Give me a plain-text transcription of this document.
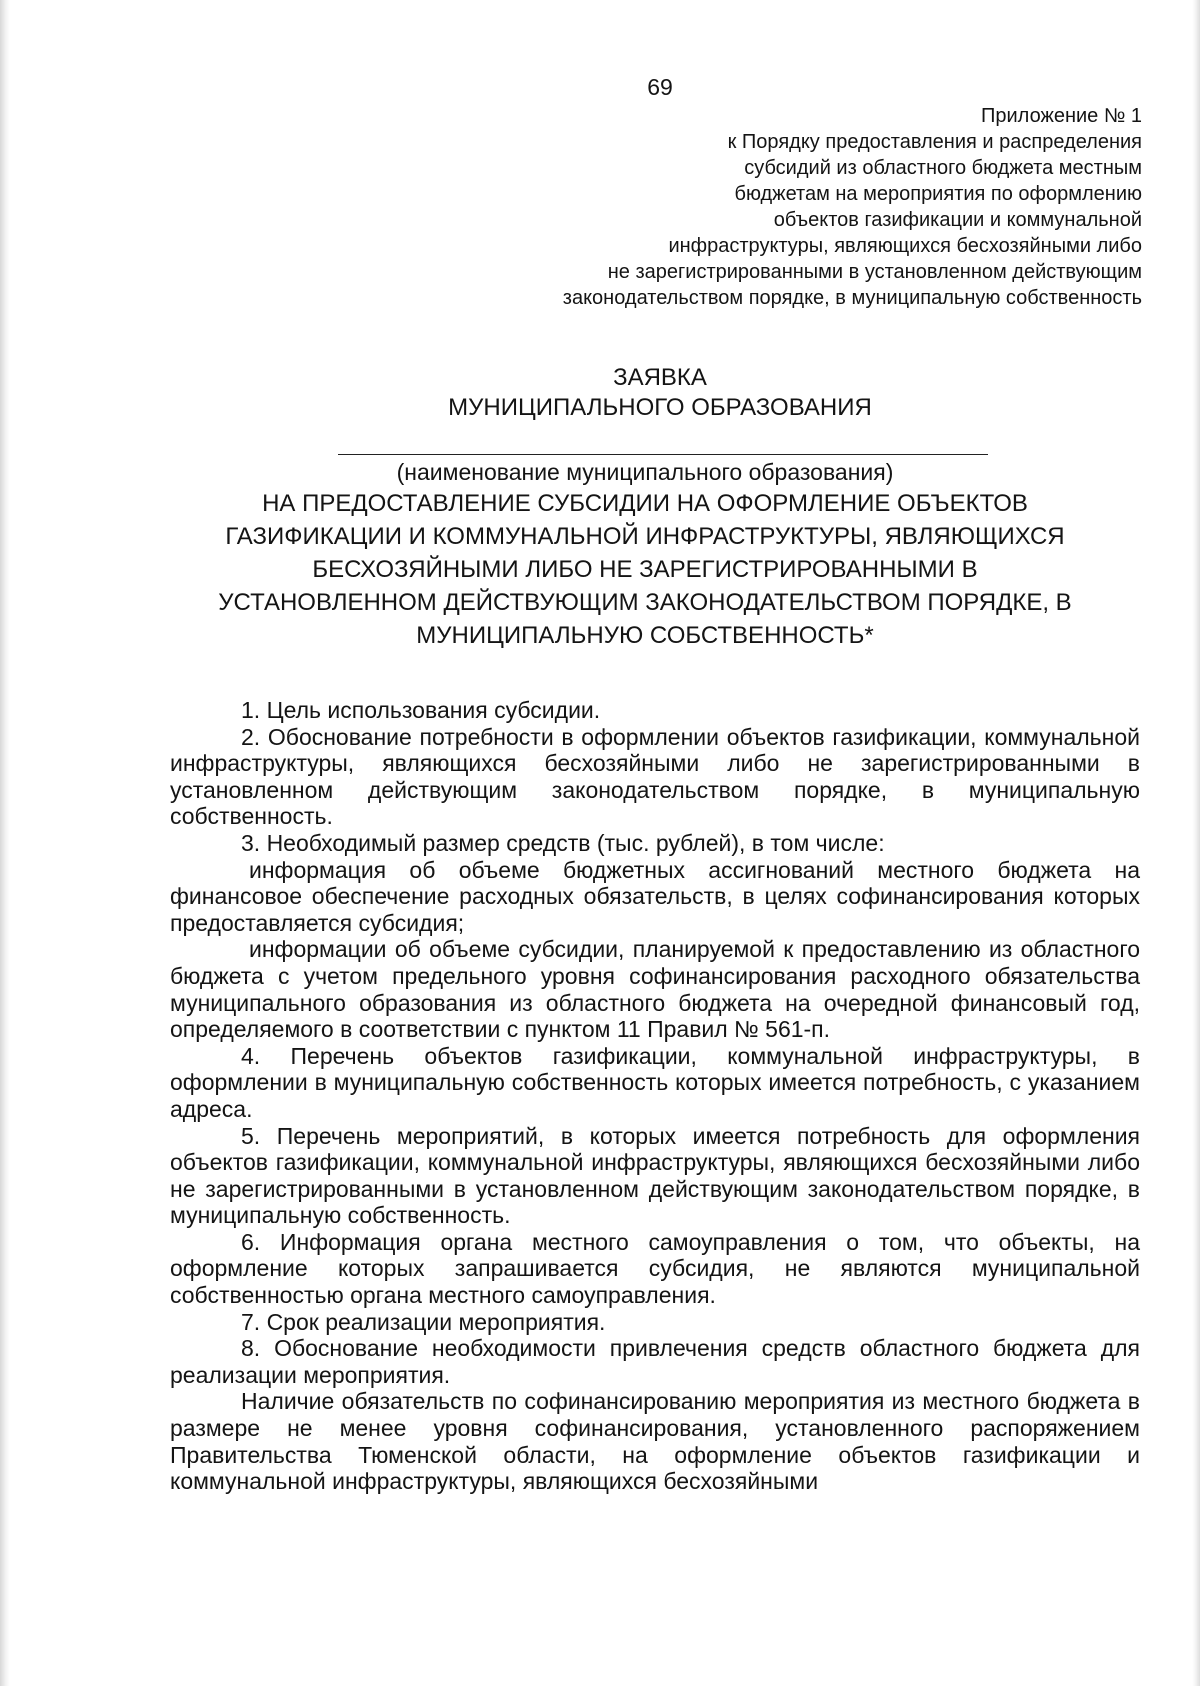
69
Приложение № 1
к Порядку предоставления и распределения
субсидий из областного бюджета местным
бюджетам на мероприятия по оформлению
объектов газификации и коммунальной
инфраструктуры, являющихся бесхозяйными либо
не зарегистрированными в установленном действующим
законодательством порядке, в муниципальную собственность
ЗАЯВКА
МУНИЦИПАЛЬНОГО ОБРАЗОВАНИЯ
(наименование муниципального образования)
НА ПРЕДОСТАВЛЕНИЕ СУБСИДИИ НА ОФОРМЛЕНИЕ ОБЪЕКТОВ
ГАЗИФИКАЦИИ И КОММУНАЛЬНОЙ ИНФРАСТРУКТУРЫ, ЯВЛЯЮЩИХСЯ
БЕСХОЗЯЙНЫМИ ЛИБО НЕ ЗАРЕГИСТРИРОВАННЫМИ В
УСТАНОВЛЕННОМ ДЕЙСТВУЮЩИМ ЗАКОНОДАТЕЛЬСТВОМ ПОРЯДКЕ, В
МУНИЦИПАЛЬНУЮ СОБСТВЕННОСТЬ*
1. Цель использования субсидии.
2. Обоснование потребности в оформлении объектов газификации, коммунальной инфраструктуры, являющихся бесхозяйными либо не зарегистрированными в установленном действующим законодательством порядке, в муниципальную собственность.
3. Необходимый размер средств (тыс. рублей), в том числе:
информация об объеме бюджетных ассигнований местного бюджета на финансовое обеспечение расходных обязательств, в целях софинансирования которых предоставляется субсидия;
информации об объеме субсидии, планируемой к предоставлению из областного бюджета с учетом предельного уровня софинансирования расходного обязательства муниципального образования из областного бюджета на очередной финансовый год, определяемого в соответствии с пунктом 11 Правил № 561-п.
4. Перечень объектов газификации, коммунальной инфраструктуры, в оформлении в муниципальную собственность которых имеется потребность, с указанием адреса.
5. Перечень мероприятий, в которых имеется потребность для оформления объектов газификации, коммунальной инфраструктуры, являющихся бесхозяйными либо не зарегистрированными в установленном действующим законодательством порядке, в муниципальную собственность.
6. Информация органа местного самоуправления о том, что объекты, на оформление которых запрашивается субсидия, не являются муниципальной собственностью органа местного самоуправления.
7. Срок реализации мероприятия.
8. Обоснование необходимости привлечения средств областного бюджета для реализации мероприятия.
Наличие обязательств по софинансированию мероприятия из местного бюджета в размере не менее уровня софинансирования, установленного распоряжением Правительства Тюменской области, на оформление объектов газификации и коммунальной инфраструктуры, являющихся бесхозяйными
